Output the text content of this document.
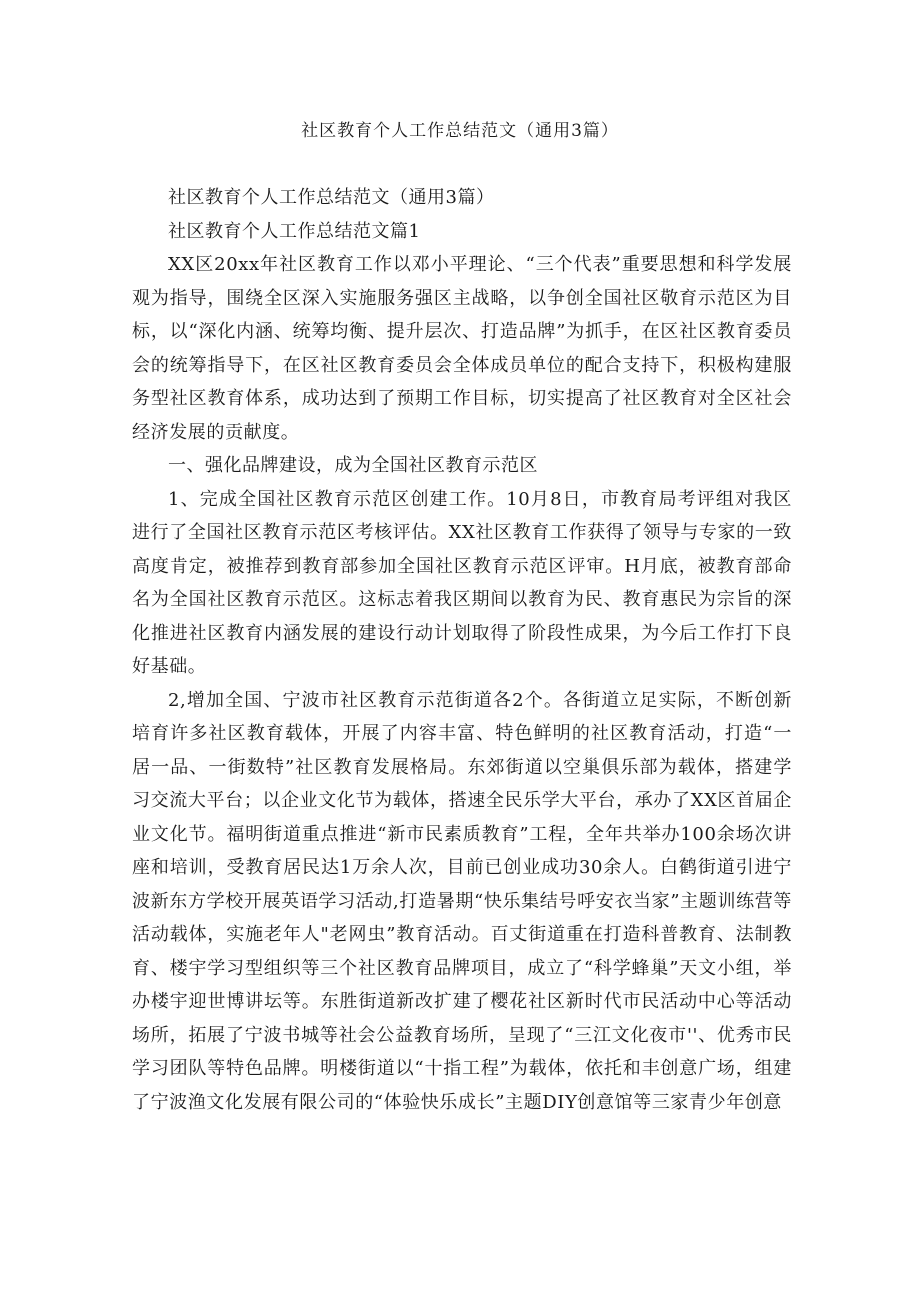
社区教育个人工作总结范文（通用3篇）

社区教育个人工作总结范文（通用3篇）

社区教育个人工作总结范文篇1

XX区20xx年社区教育工作以邓小平理论、“三个代表”重要思想和科学发展观为指导，围绕全区深入实施服务强区主战略，以争创全国社区敬育示范区为目标，以“深化内涵、统筹均衡、提升层次、打造品牌”为抓手，在区社区教育委员会的统筹指导下，在区社区教育委员会全体成员单位的配合支持下，积极构建服务型社区教育体系，成功达到了预期工作目标，切实提高了社区教育对全区社会经济发展的贡献度。

一、强化品牌建设，成为全国社区教育示范区

1、完成全国社区教育示范区创建工作。10月8日，市教育局考评组对我区进行了全国社区教育示范区考核评估。XX社区教育工作获得了领导与专家的一致高度肯定，被推荐到教育部参加全国社区教育示范区评审。H月底，被教育部命名为全国社区教育示范区。这标志着我区期间以教育为民、教育惠民为宗旨的深化推进社区教育内涵发展的建设行动计划取得了阶段性成果，为今后工作打下良好基础。

2,增加全国、宁波市社区教育示范街道各2个。各街道立足实际，不断创新培育许多社区教育载体，开展了内容丰富、特色鲜明的社区教育活动，打造“一居一品、一街数特”社区教育发展格局。东郊街道以空巢俱乐部为载体，搭建学习交流大平台；以企业文化节为载体，搭速全民乐学大平台，承办了XX区首届企业文化节。福明街道重点推进“新市民素质教育”工程，全年共举办100余场次讲座和培训，受教育居民达1万余人次，目前已创业成功30余人。白鹤街道引进宁波新东方学校开展英语学习活动,打造暑期“快乐集结号呼安衣当家”主题训练营等活动载体，实施老年人"老网虫”教育活动。百丈街道重在打造科普教育、法制教育、楼宇学习型组织等三个社区教育品牌项目，成立了“科学蜂巢”天文小组，举办楼宇迎世博讲坛等。东胜街道新改扩建了樱花社区新时代市民活动中心等活动场所，拓展了宁波书城等社会公益教育场所，呈现了“三江文化夜市''、优秀市民学习团队等特色品牌。明楼街道以“十指工程”为载体，依托和丰创意广场，组建了宁波渔文化发展有限公司的“体验快乐成长”主题DIY创意馆等三家青少年创意
